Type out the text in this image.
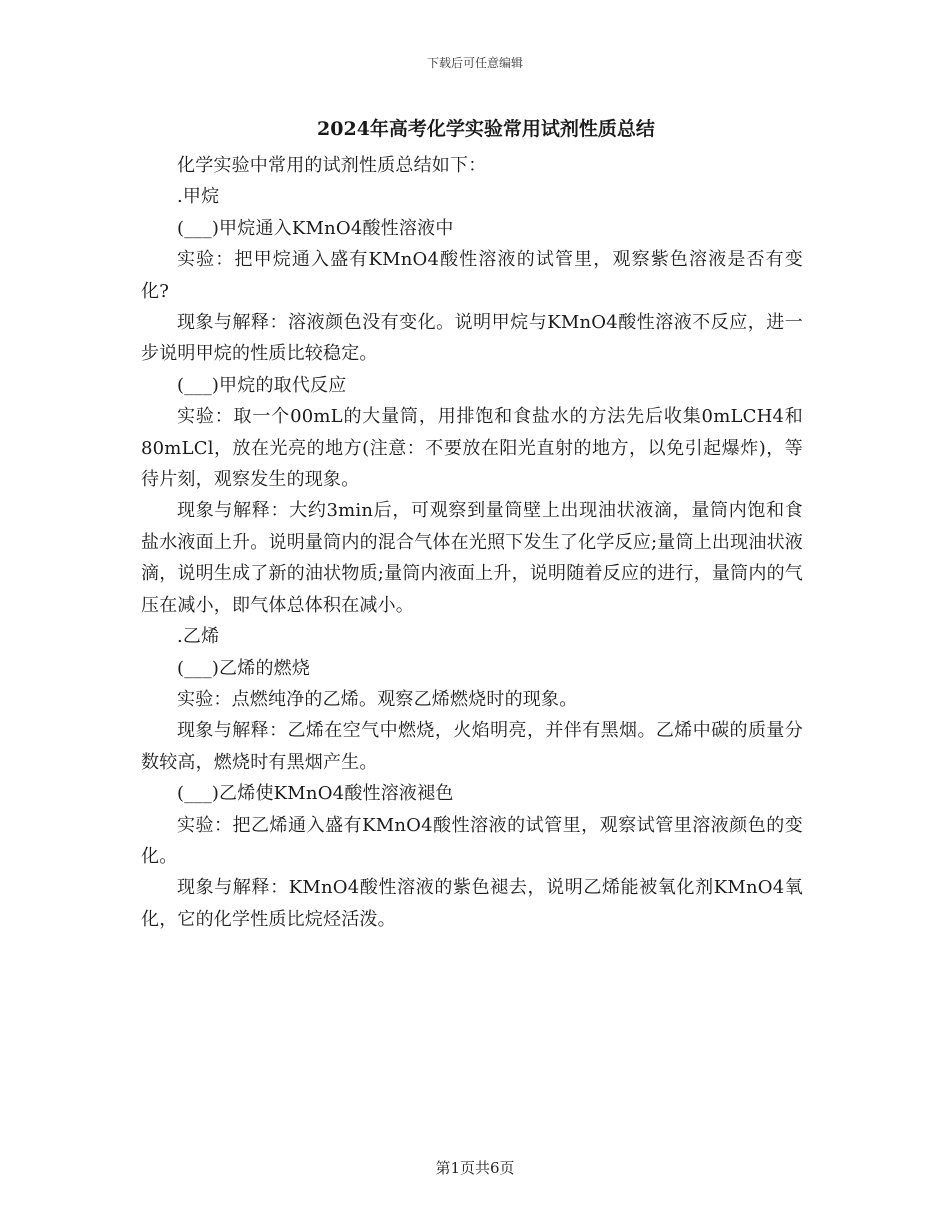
下载后可任意编辑
2024年高考化学实验常用试剂性质总结

化学实验中常用的试剂性质总结如下：

.甲烷

(___)甲烷通入KMnO4酸性溶液中

实验：把甲烷通入盛有KMnO4酸性溶液的试管里，观察紫色溶液是否有变化?

现象与解释：溶液颜色没有变化。说明甲烷与KMnO4酸性溶液不反应，进一步说明甲烷的性质比较稳定。

(___)甲烷的取代反应

实验：取一个00mL的大量筒，用排饱和食盐水的方法先后收集0mLCH4和80mLCl，放在光亮的地方(注意：不要放在阳光直射的地方，以免引起爆炸)，等待片刻，观察发生的现象。

现象与解释：大约3min后，可观察到量筒壁上出现油状液滴，量筒内饱和食盐水液面上升。说明量筒内的混合气体在光照下发生了化学反应;量筒上出现油状液滴，说明生成了新的油状物质;量筒内液面上升，说明随着反应的进行，量筒内的气压在减小，即气体总体积在减小。

.乙烯

(___)乙烯的燃烧

实验：点燃纯净的乙烯。观察乙烯燃烧时的现象。

现象与解释：乙烯在空气中燃烧，火焰明亮，并伴有黑烟。乙烯中碳的质量分数较高，燃烧时有黑烟产生。

(___)乙烯使KMnO4酸性溶液褪色

实验：把乙烯通入盛有KMnO4酸性溶液的试管里，观察试管里溶液颜色的变化。

现象与解释：KMnO4酸性溶液的紫色褪去，说明乙烯能被氧化剂KMnO4氧化，它的化学性质比烷烃活泼。

第1页共6页
